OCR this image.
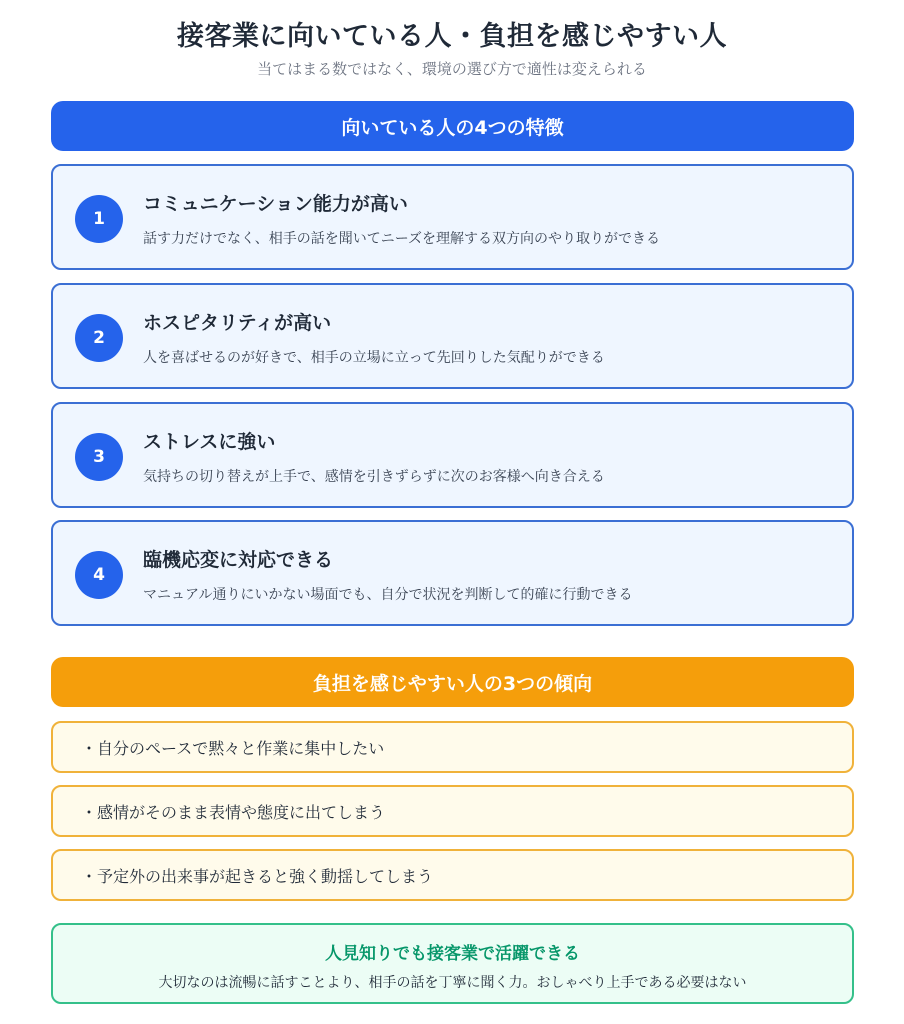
接客業に向いている人・負担を感じやすい人

当てはまる数ではなく、環境の選び方で適性は変えられる

向いている人の4つの特徴
1
コミュニケーション能力が高い
話す力だけでなく、相手の話を聞いてニーズを理解する双方向のやり取りができる
2
ホスピタリティが高い
人を喜ばせるのが好きで、相手の立場に立って先回りした気配りができる
3
ストレスに強い
気持ちの切り替えが上手で、感情を引きずらずに次のお客様へ向き合える
4
臨機応変に対応できる
マニュアル通りにいかない場面でも、自分で状況を判断して的確に行動できる
負担を感じやすい人の3つの傾向
・自分のペースで黙々と作業に集中したい
・感情がそのまま表情や態度に出てしまう
・予定外の出来事が起きると強く動揺してしまう
人見知りでも接客業で活躍できる
大切なのは流暢に話すことより、相手の話を丁寧に聞く力。おしゃべり上手である必要はない
